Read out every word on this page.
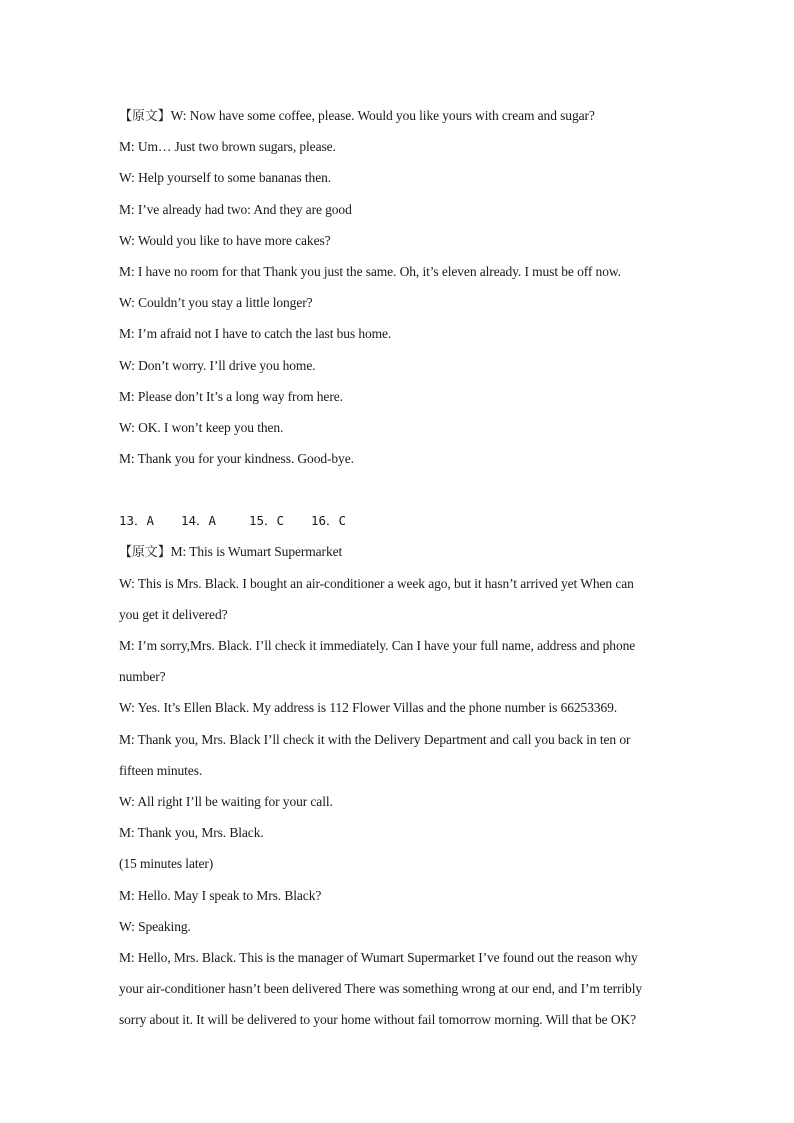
【原文】W: Now have some coffee, please. Would you like yours with cream and sugar?
M: Um… Just two brown sugars, please.
W: Help yourself to some bananas then.
M: I’ve already had two: And they are good
W: Would you like to have more cakes?
M: I have no room for that Thank you just the same. Oh, it’s eleven already. I must be off now.
W: Couldn’t you stay a little longer?
M: I’m afraid not I have to catch the last bus home.
W: Don’t worry. I’ll drive you home.
M: Please don’t It’s a long way from here.
W: OK. I won’t keep you then.
M: Thank you for your kindness. Good-bye.
13．A 14．A	15．C 16．C
【原文】M: This is Wumart Supermarket
W: This is Mrs. Black. I bought an air-conditioner a week ago, but it hasn’t arrived yet When can
you get it delivered?
M: I’m sorry,Mrs. Black. I’ll check it immediately. Can I have your full name, address and phone
number?
W: Yes. It’s Ellen Black. My address is 112 Flower Villas and the phone number is 66253369.
M: Thank you, Mrs. Black I’ll check it with the Delivery Department and call you back in ten or
fifteen minutes.
W: All right I’ll be waiting for your call.
M: Thank you, Mrs. Black.
(15 minutes later)
M: Hello. May I speak to Mrs. Black?
W: Speaking.
M: Hello, Mrs. Black. This is the manager of Wumart Supermarket I’ve found out the reason why
your air-conditioner hasn’t been delivered There was something wrong at our end, and I’m terribly
sorry about it. It will be delivered to your home without fail tomorrow morning. Will that be OK?
